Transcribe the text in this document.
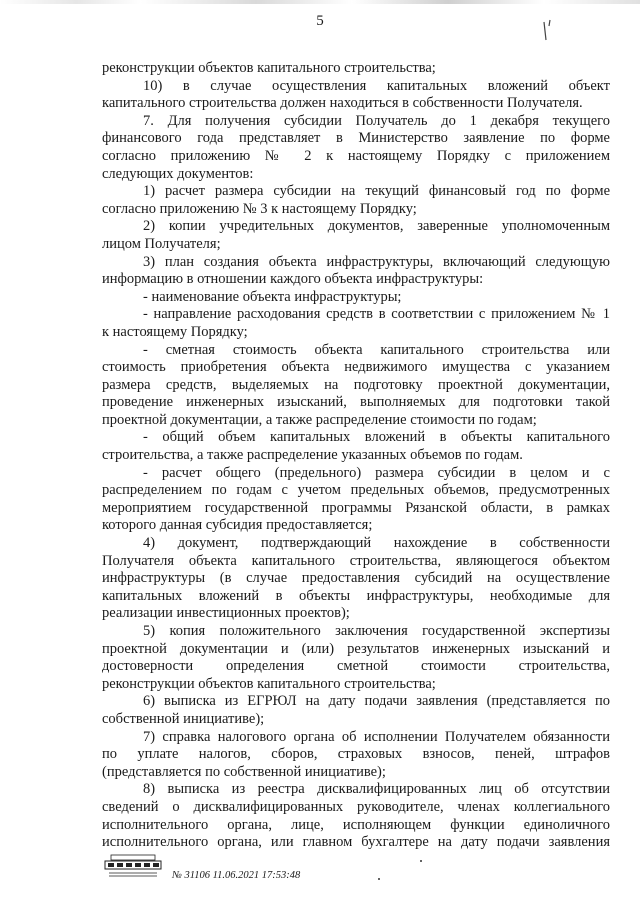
5
реконструкции объектов капитального строительства;
10) в случае осуществления капитальных вложений объект
капитального строительства должен находиться в собственности Получателя.
7. Для получения субсидии Получатель до 1 декабря текущего
финансового года представляет в Министерство заявление по форме
согласно приложению № 2 к настоящему Порядку с приложением
следующих документов:
1) расчет размера субсидии на текущий финансовый год по форме
согласно приложению № 3 к настоящему Порядку;
2) копии учредительных документов, заверенные уполномоченным
лицом Получателя;
3) план создания объекта инфраструктуры, включающий следующую
информацию в отношении каждого объекта инфраструктуры:
- наименование объекта инфраструктуры;
- направление расходования средств в соответствии с приложением № 1
к настоящему Порядку;
- сметная стоимость объекта капитального строительства или
стоимость приобретения объекта недвижимого имущества с указанием
размера средств, выделяемых на подготовку проектной документации,
проведение инженерных изысканий, выполняемых для подготовки такой
проектной документации, а также распределение стоимости по годам;
- общий объем капитальных вложений в объекты капитального
строительства, а также распределение указанных объемов по годам.
- расчет общего (предельного) размера субсидии в целом и с
распределением по годам с учетом предельных объемов, предусмотренных
мероприятием государственной программы Рязанской области, в рамках
которого данная субсидия предоставляется;
4) документ, подтверждающий нахождение в собственности
Получателя объекта капитального строительства, являющегося объектом
инфраструктуры (в случае предоставления субсидий на осуществление
капитальных вложений в объекты инфраструктуры, необходимые для
реализации инвестиционных проектов);
5) копия положительного заключения государственной экспертизы
проектной документации и (или) результатов инженерных изысканий и
достоверности определения сметной стоимости строительства,
реконструкции объектов капитального строительства;
6) выписка из ЕГРЮЛ на дату подачи заявления (представляется по
собственной инициативе);
7) справка налогового органа об исполнении Получателем обязанности
по уплате налогов, сборов, страховых взносов, пеней, штрафов
(представляется по собственной инициативе);
8) выписка из реестра дисквалифицированных лиц об отсутствии
сведений о дисквалифицированных руководителе, членах коллегиального
исполнительного органа, лице, исполняющем функции единоличного
исполнительного органа, или главном бухгалтере на дату подачи заявления
№ 31106 11.06.2021 17:53:48
